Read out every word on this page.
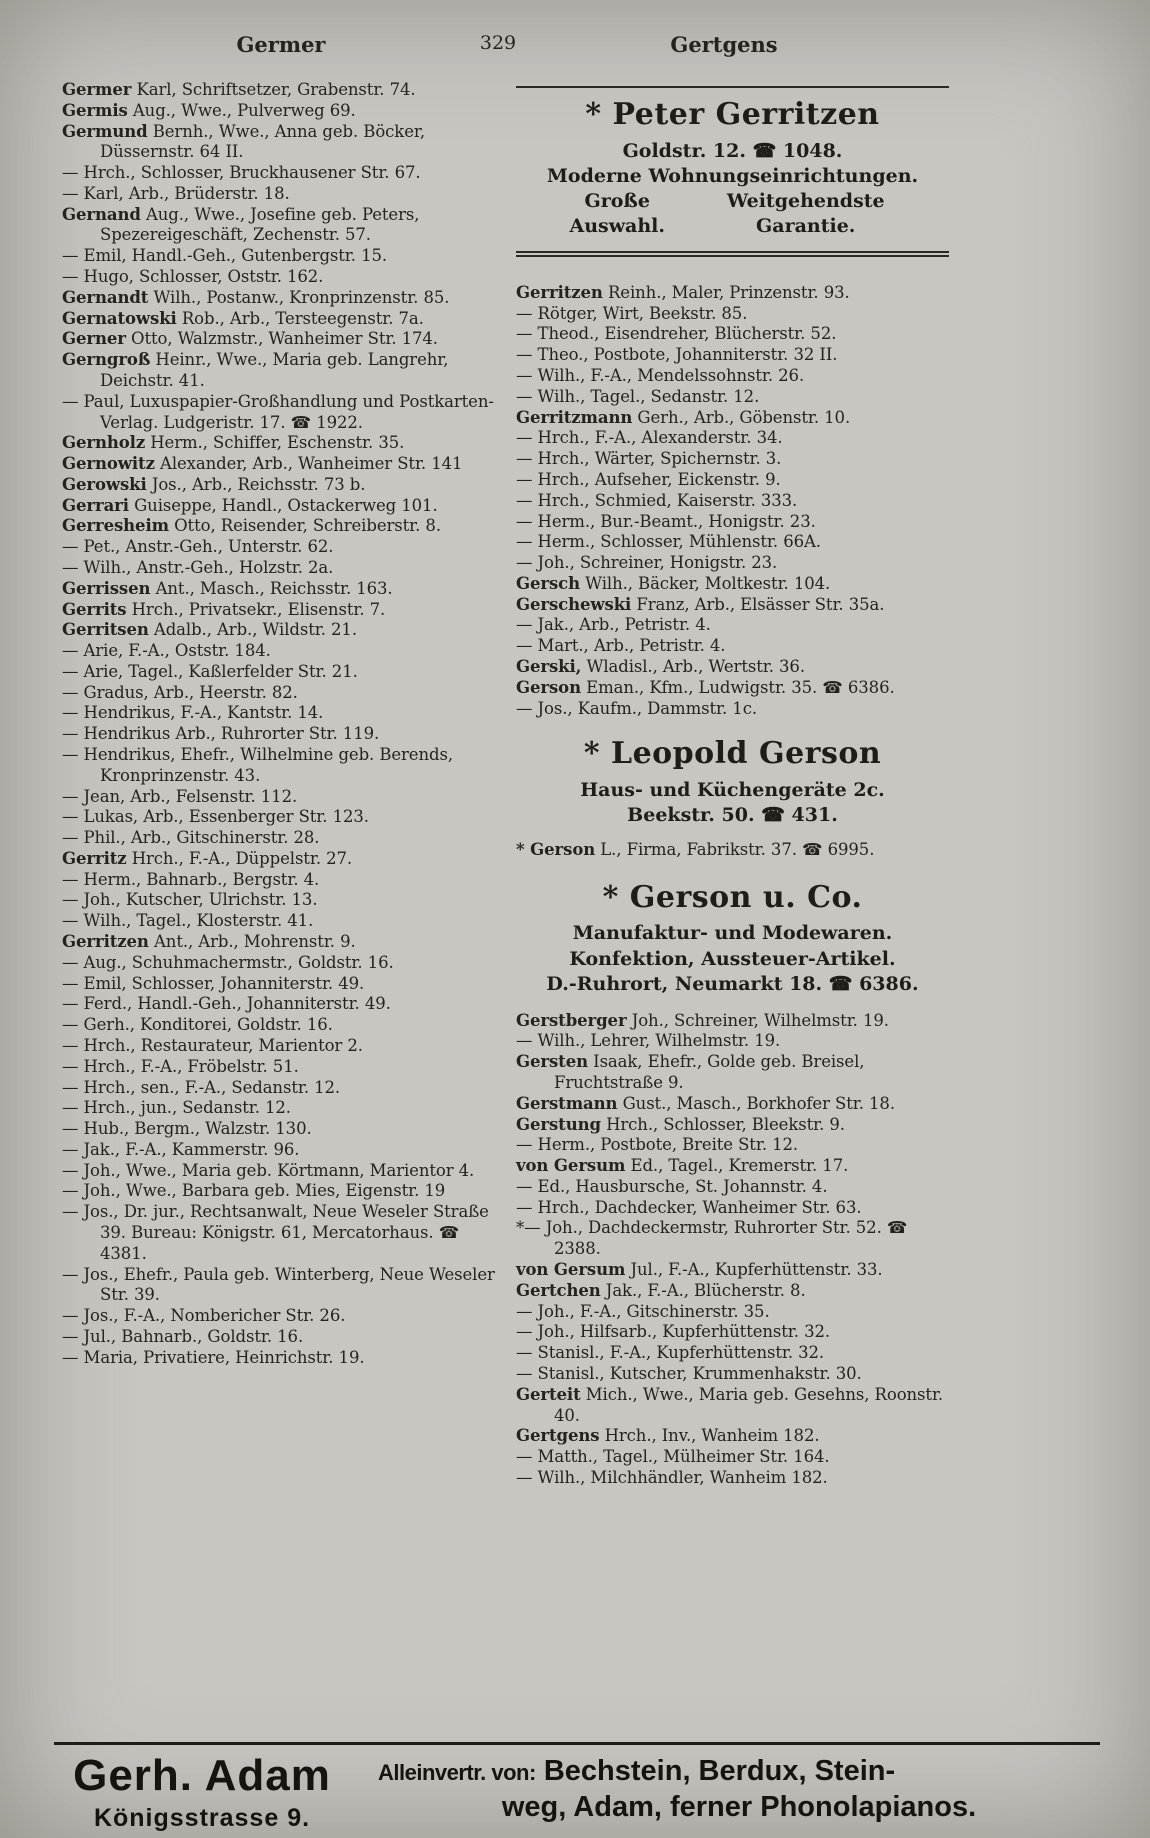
Germer	329	Gertgens
Germer Karl, Schriftsetzer, Grabenstr. 74.
Germis Aug., Wwe., Pulverweg 69.
Germund Bernh., Wwe., Anna geb. Böcker, Düssernstr. 64 II.
— Hrch., Schlosser, Bruckhausener Str. 67.
— Karl, Arb., Brüderstr. 18.
Gernand Aug., Wwe., Josefine geb. Peters, Spezereigeschäft, Zechenstr. 57.
— Emil, Handl.-Geh., Gutenbergstr. 15.
— Hugo, Schlosser, Oststr. 162.
Gernandt Wilh., Postanw., Kronprinzenstr. 85.
Gernatowski Rob., Arb., Tersteegenstr. 7a.
Gerner Otto, Walzmstr., Wanheimer Str. 174.
Gerngroß Heinr., Wwe., Maria geb. Langrehr, Deichstr. 41.
— Paul, Luxuspapier-Großhandlung und Postkarten-Verlag. Ludgeristr. 17. ☎ 1922.
Gernholz Herm., Schiffer, Eschenstr. 35.
Gernowitz Alexander, Arb., Wanheimer Str. 141
Gerowski Jos., Arb., Reichsstr. 73 b.
Gerrari Guiseppe, Handl., Ostackerweg 101.
Gerresheim Otto, Reisender, Schreiberstr. 8.
— Pet., Anstr.-Geh., Unterstr. 62.
— Wilh., Anstr.-Geh., Holzstr. 2a.
Gerrissen Ant., Masch., Reichsstr. 163.
Gerrits Hrch., Privatsekr., Elisenstr. 7.
Gerritsen Adalb., Arb., Wildstr. 21.
— Arie, F.-A., Oststr. 184.
— Arie, Tagel., Kaßlerfelder Str. 21.
— Gradus, Arb., Heerstr. 82.
— Hendrikus, F.-A., Kantstr. 14.
— Hendrikus Arb., Ruhrorter Str. 119.
— Hendrikus, Ehefr., Wilhelmine geb. Berends, Kronprinzenstr. 43.
— Jean, Arb., Felsenstr. 112.
— Lukas, Arb., Essenberger Str. 123.
— Phil., Arb., Gitschinerstr. 28.
Gerritz Hrch., F.-A., Düppelstr. 27.
— Herm., Bahnarb., Bergstr. 4.
— Joh., Kutscher, Ulrichstr. 13.
— Wilh., Tagel., Klosterstr. 41.
Gerritzen Ant., Arb., Mohrenstr. 9.
— Aug., Schuhmachermstr., Goldstr. 16.
— Emil, Schlosser, Johanniterstr. 49.
— Ferd., Handl.-Geh., Johanniterstr. 49.
— Gerh., Konditorei, Goldstr. 16.
— Hrch., Restaurateur, Marientor 2.
— Hrch., F.-A., Fröbelstr. 51.
— Hrch., sen., F.-A., Sedanstr. 12.
— Hrch., jun., Sedanstr. 12.
— Hub., Bergm., Walzstr. 130.
— Jak., F.-A., Kammerstr. 96.
— Joh., Wwe., Maria geb. Körtmann, Marientor 4.
— Joh., Wwe., Barbara geb. Mies, Eigenstr. 19
— Jos., Dr. jur., Rechtsanwalt, Neue Weseler Straße 39. Bureau: Königstr. 61, Mercatorhaus. ☎ 4381.
— Jos., Ehefr., Paula geb. Winterberg, Neue Weseler Str. 39.
— Jos., F.-A., Nombericher Str. 26.
— Jul., Bahnarb., Goldstr. 16.
— Maria, Privatiere, Heinrichstr. 19.
* Peter Gerritzen
Goldstr. 12. ☎ 1048.
Moderne Wohnungseinrichtungen.
Große Auswahl.
Weitgehendste Garantie.
Gerritzen Reinh., Maler, Prinzenstr. 93.
— Rötger, Wirt, Beekstr. 85.
— Theod., Eisendreher, Blücherstr. 52.
— Theo., Postbote, Johanniterstr. 32 II.
— Wilh., F.-A., Mendelssohnstr. 26.
— Wilh., Tagel., Sedanstr. 12.
Gerritzmann Gerh., Arb., Göbenstr. 10.
— Hrch., F.-A., Alexanderstr. 34.
— Hrch., Wärter, Spichernstr. 3.
— Hrch., Aufseher, Eickenstr. 9.
— Hrch., Schmied, Kaiserstr. 333.
— Herm., Bur.-Beamt., Honigstr. 23.
— Herm., Schlosser, Mühlenstr. 66A.
— Joh., Schreiner, Honigstr. 23.
Gersch Wilh., Bäcker, Moltkestr. 104.
Gerschewski Franz, Arb., Elsässer Str. 35a.
— Jak., Arb., Petristr. 4.
— Mart., Arb., Petristr. 4.
Gerski, Wladisl., Arb., Wertstr. 36.
Gerson Eman., Kfm., Ludwigstr. 35. ☎ 6386.
— Jos., Kaufm., Dammstr. 1c.
* Leopold Gerson
Haus- und Küchengeräte 2c.
Beekstr. 50. ☎ 431.
* Gerson L., Firma, Fabrikstr. 37. ☎ 6995.
* Gerson u. Co.
Manufaktur- und Modewaren.
Konfektion, Aussteuer-Artikel.
D.-Ruhrort, Neumarkt 18. ☎ 6386.
Gerstberger Joh., Schreiner, Wilhelmstr. 19.
— Wilh., Lehrer, Wilhelmstr. 19.
Gersten Isaak, Ehefr., Golde geb. Breisel, Fruchtstraße 9.
Gerstmann Gust., Masch., Borkhofer Str. 18.
Gerstung Hrch., Schlosser, Bleekstr. 9.
— Herm., Postbote, Breite Str. 12.
von Gersum Ed., Tagel., Kremerstr. 17.
— Ed., Hausbursche, St. Johannstr. 4.
— Hrch., Dachdecker, Wanheimer Str. 63.
*— Joh., Dachdeckermstr, Ruhrorter Str. 52. ☎ 2388.
von Gersum Jul., F.-A., Kupferhüttenstr. 33.
Gertchen Jak., F.-A., Blücherstr. 8.
— Joh., F.-A., Gitschinerstr. 35.
— Joh., Hilfsarb., Kupferhüttenstr. 32.
— Stanisl., F.-A., Kupferhüttenstr. 32.
— Stanisl., Kutscher, Krummenhakstr. 30.
Gerteit Mich., Wwe., Maria geb. Gesehns, Roonstr. 40.
Gertgens Hrch., Inv., Wanheim 182.
— Matth., Tagel., Mülheimer Str. 164.
— Wilh., Milchhändler, Wanheim 182.
Gerh. Adam
Königsstrasse 9.
Alleinvertr. von: Bechstein, Berdux, Stein-
weg, Adam, ferner Phonolapianos.
